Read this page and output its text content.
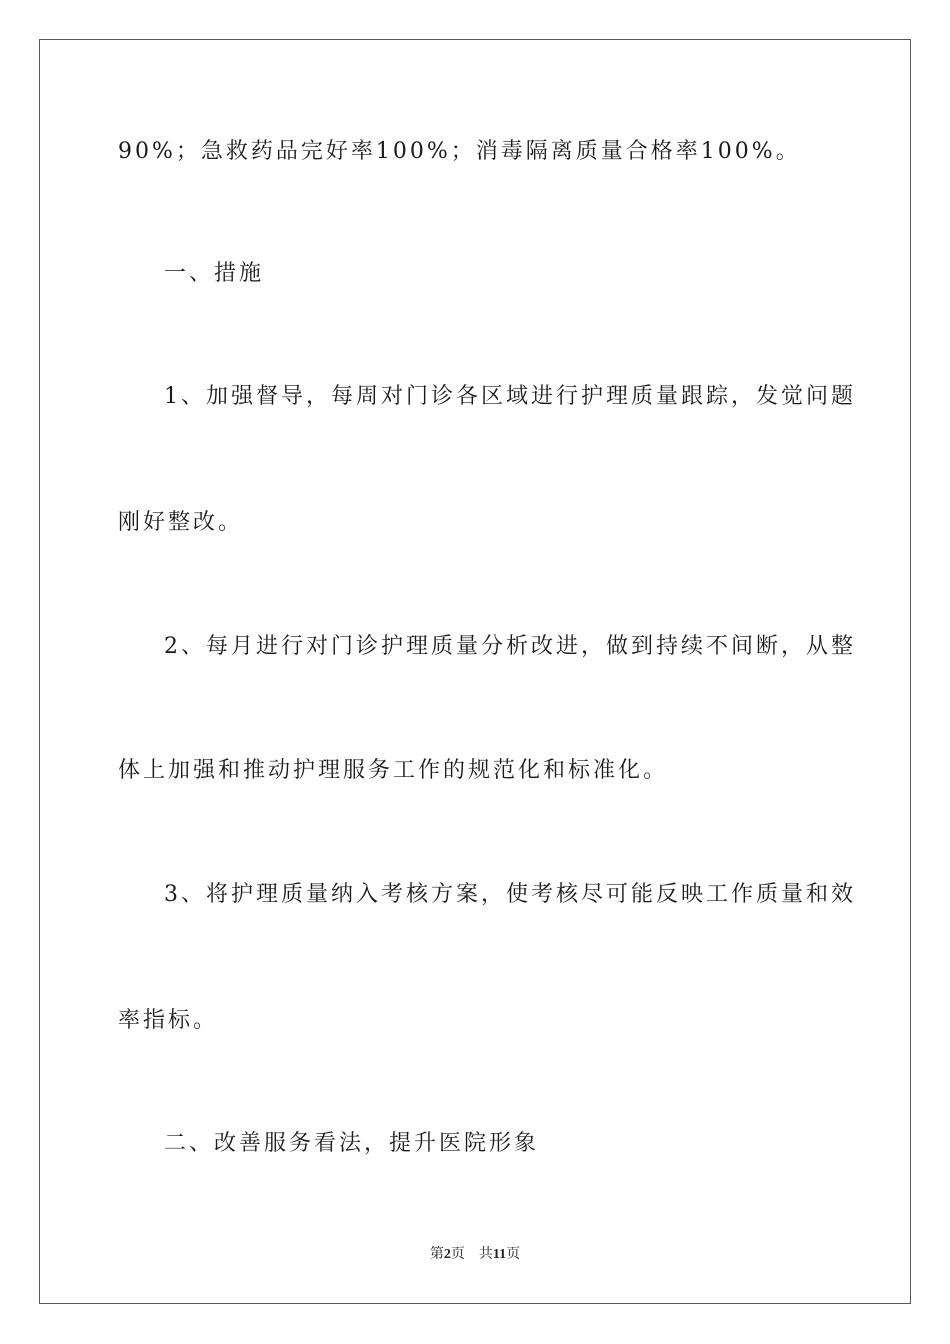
90%；急救药品完好率100%；消毒隔离质量合格率100%。
一、措施
1、加强督导，每周对门诊各区域进行护理质量跟踪，发觉问题
刚好整改。
2、每月进行对门诊护理质量分析改进，做到持续不间断，从整
体上加强和推动护理服务工作的规范化和标准化。
3、将护理质量纳入考核方案，使考核尽可能反映工作质量和效
率指标。
二、改善服务看法，提升医院形象
第2页 共11页
